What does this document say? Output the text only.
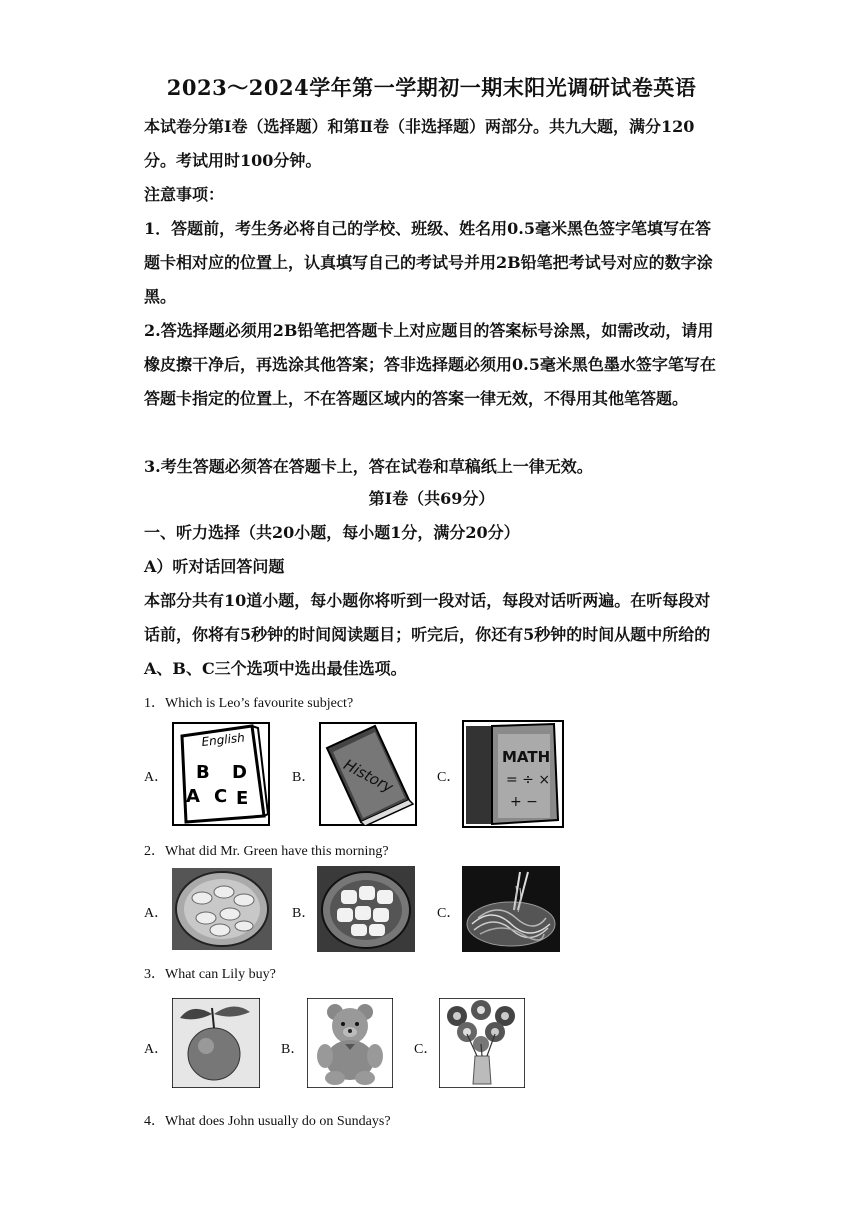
2023～2024学年第一学期初一期末阳光调研试卷英语

本试卷分第Ⅰ卷（选择题）和第Ⅱ卷（非选择题）两部分。共九大题，满分120分。考试用时100分钟。

注意事项：

1．答题前，考生务必将自己的学校、班级、姓名用0.5毫米黑色签字笔填写在答题卡相对应的位置上，认真填写自己的考试号并用2B铅笔把考试号对应的数字涂黑。

2.答选择题必须用2B铅笔把答题卡上对应题目的答案标号涂黑，如需改动，请用橡皮擦干净后，再选涂其他答案；答非选择题必须用0.5毫米黑色墨水签字笔写在答题卡指定的位置上，不在答题区域内的答案一律无效，不得用其他笔答题。

3.考生答题必须答在答题卡上，答在试卷和草稿纸上一律无效。

第Ⅰ卷（共69分）

一、听力选择（共20小题，每小题1分，满分20分）

A）听对话回答问题

本部分共有10道小题，每小题你将听到一段对话，每段对话听两遍。在听每段对话前，你将有5秒钟的时间阅读题目；听完后，你还有5秒钟的时间从题中所给的A、B、C三个选项中选出最佳选项。

1．Which is Leo’s favourite subject?

A．
English
B D
A C E
B． History	C．
MATH
= ÷ ×
+ −

2．What did Mr. Green have this morning?

A．	B．	C．

3．What can Lily buy?

A．	B．	C．

4．What does John usually do on Sundays?
